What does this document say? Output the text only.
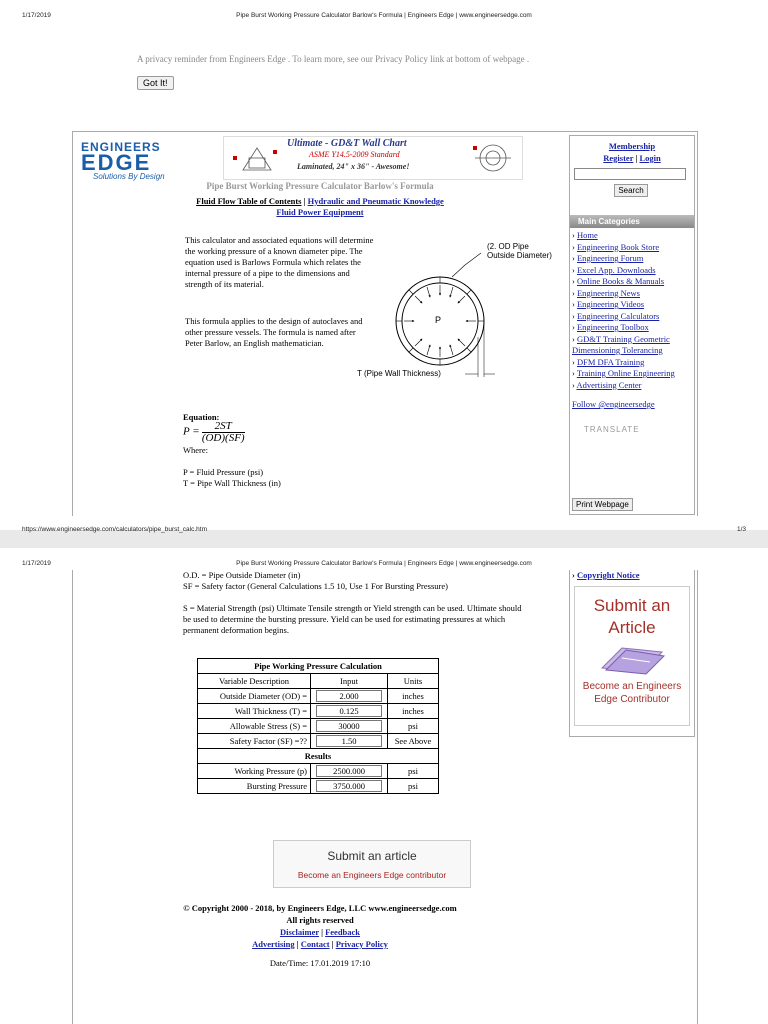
1/17/2019	Pipe Burst Working Pressure Calculator Barlow's Formula | Engineers Edge | www.engineersedge.com
A privacy reminder from Engineers Edge . To learn more, see our Privacy Policy link at bottom of webpage .
Got It!
ENGINEERS
EDGE
Solutions By Design
Ultimate - GD&T Wall Chart
ASME Y14.5-2009 Standard
Laminated, 24" x 36" - Awesome!
Pipe Burst Working Pressure Calculator Barlow's Formula
Fluid Flow Table of Contents | Hydraulic and Pneumatic Knowledge
Fluid Power Equipment
This calculator and associated equations will determine the working pressure of a known diameter pipe. The equation used is Barlows Formula which relates the internal pressure of a pipe to the dimensions and strength of its material.
This formula applies to the design of autoclaves and other pressure vessels. The formula is named after Peter Barlow, an English mathematician.
(2. OD Pipe Outside Diameter)
P
T (Pipe Wall Thickness)
Equation:
$P = \frac{2ST}{(OD)(SF)}$
Where:
P = Fluid Pressure (psi)
T = Pipe Wall Thickness (in)
Membership
Register | Login
Search
Main Categories
› Home
› Engineering Book Store
› Engineering Forum
› Excel App. Downloads
› Online Books & Manuals
› Engineering News
› Engineering Videos
› Engineering Calculators
› Engineering Toolbox
› GD&T Training Geometric Dimensioning Tolerancing
› DFM DFA Training
› Training Online Engineering
› Advertising Center
Follow @engineersedge
TRANSLATE
Print Webpage
https://www.engineersedge.com/calculators/pipe_burst_calc.htm	1/3
1/17/2019	Pipe Burst Working Pressure Calculator Barlow's Formula | Engineers Edge | www.engineersedge.com
O.D. = Pipe Outside Diameter (in)
SF = Safety factor (General Calculations 1.5 10, Use 1 For Bursting Pressure)
S = Material Strength (psi) Ultimate Tensile strength or Yield strength can be used. Ultimate should be used to determine the bursting pressure. Yield can be used for estimating pressures at which permanent deformation begins.
Pipe Working Pressure Calculation		
Variable Description	Input	Units
Outside Diameter (OD) =	2.000	inches
Wall Thickness (T) =	0.125	inches
Allowable Stress (S) =	30000	psi
Safety Factor (SF) =??	1.50	See Above
Results		
Working Pressure (p)	2500.000	psi
Bursting Pressure	3750.000	psi
Submit an article
Become an Engineers Edge contributor
© Copyright 2000 - 2018, by Engineers Edge, LLC www.engineersedge.com
All rights reserved
Disclaimer | Feedback
Advertising | Contact | Privacy Policy
Date/Time: 17.01.2019 17:10
› Copyright Notice
Submit an Article
Become an Engineers Edge Contributor
